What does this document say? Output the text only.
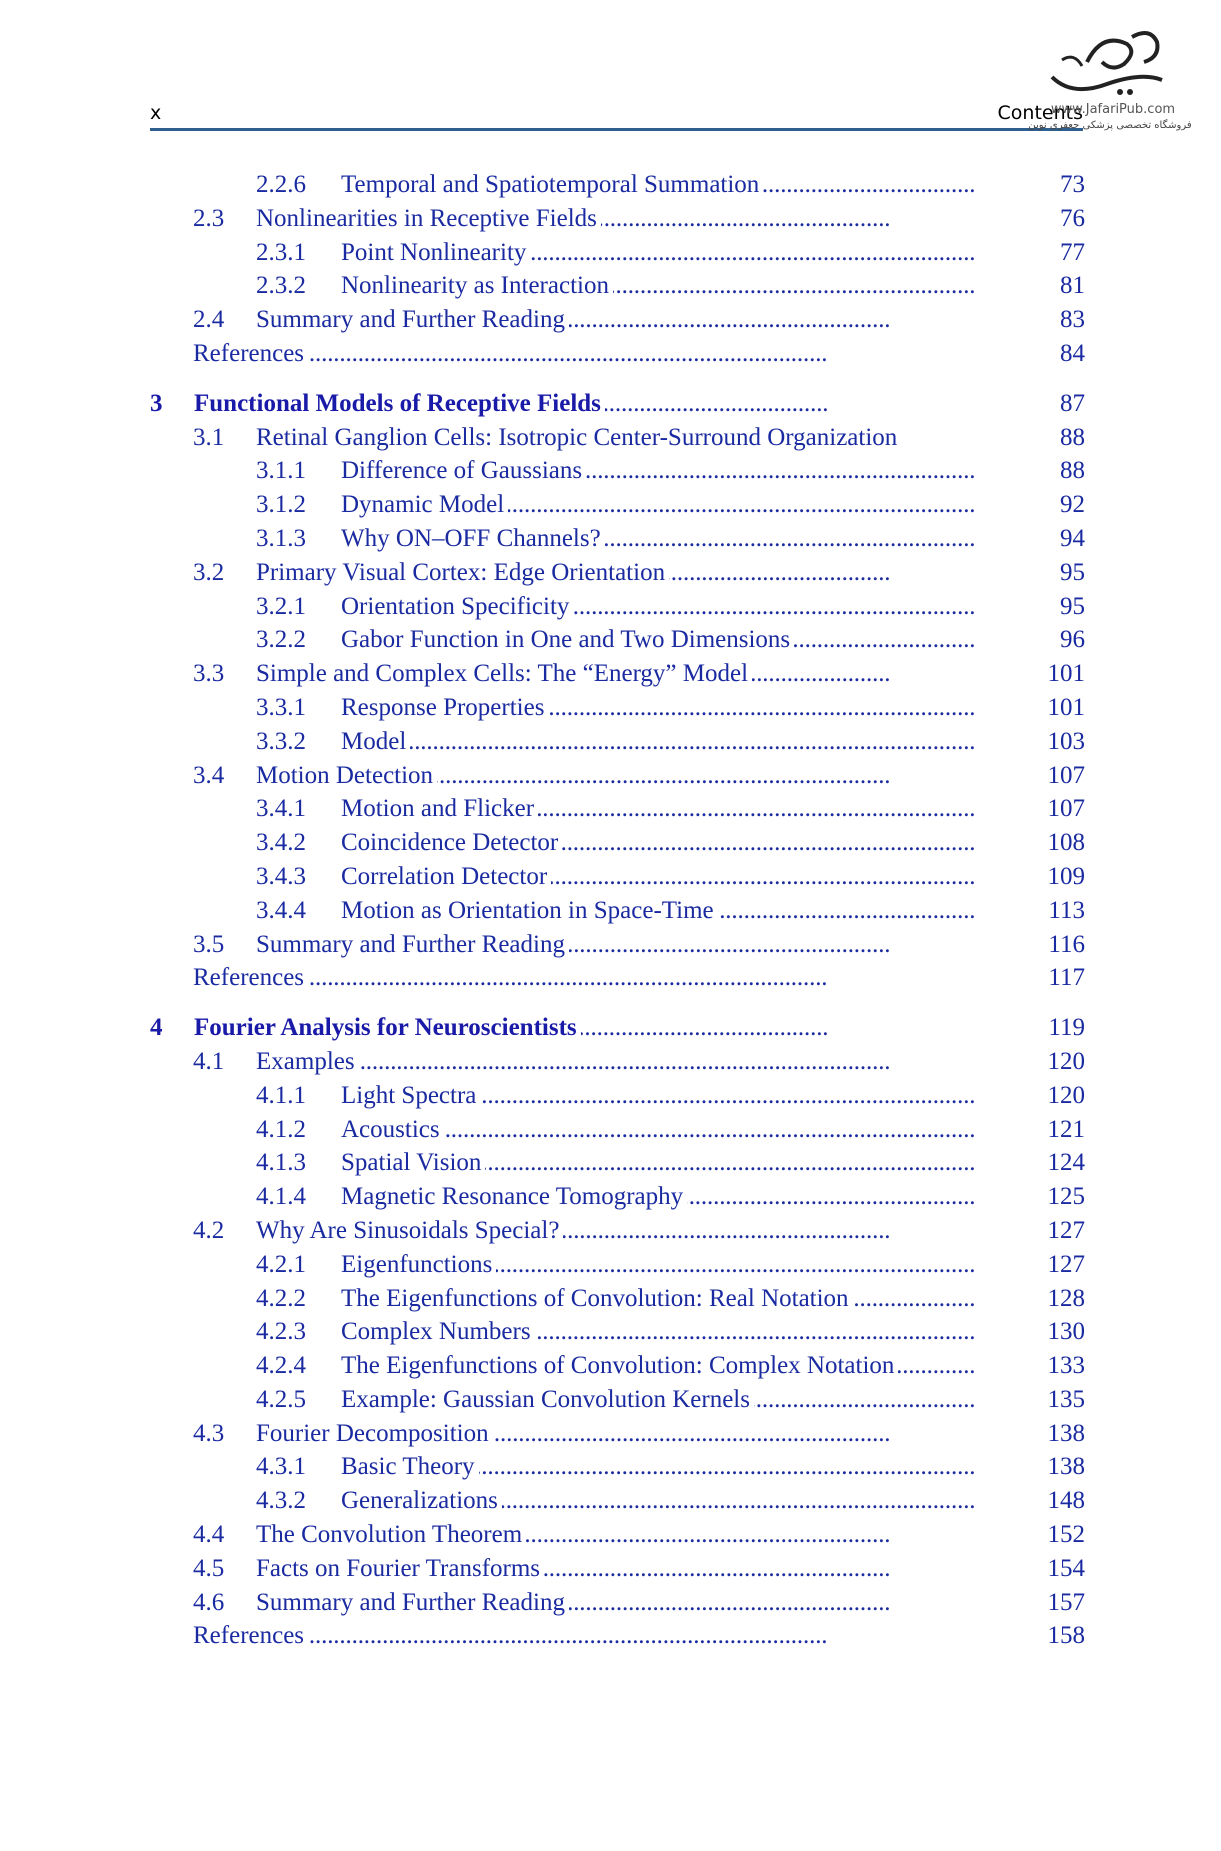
x	Contents
www.JafariPub.com
فروشگاه تخصصی پزشکی جعفری نوین
2.2.6 Temporal and Spatiotemporal Summation . . .	73
2.3 Nonlinearities in Receptive Fields . . .	76
2.3.1 Point Nonlinearity . . .	77
2.3.2 Nonlinearity as Interaction . . .	81
2.4 Summary and Further Reading . . .	83
References . . .	84
3 Functional Models of Receptive Fields . . .	87
3.1 Retinal Ganglion Cells: Isotropic Center-Surround Organization . . .	88
3.1.1 Difference of Gaussians . . .	88
3.1.2 Dynamic Model . . .	92
3.1.3 Why ON–OFF Channels? . . .	94
3.2 Primary Visual Cortex: Edge Orientation . . .	95
3.2.1 Orientation Specificity . . .	95
3.2.2 Gabor Function in One and Two Dimensions . . .	96
3.3 Simple and Complex Cells: The “Energy” Model . . .	101
3.3.1 Response Properties . . .	101
3.3.2 Model . . .	103
3.4 Motion Detection . . .	107
3.4.1 Motion and Flicker . . .	107
3.4.2 Coincidence Detector . . .	108
3.4.3 Correlation Detector . . .	109
3.4.4 Motion as Orientation in Space-Time . . .	113
3.5 Summary and Further Reading . . .	116
References . . .	117
4 Fourier Analysis for Neuroscientists . . .	119
4.1 Examples . . .	120
4.1.1 Light Spectra . . .	120
4.1.2 Acoustics . . .	121
4.1.3 Spatial Vision . . .	124
4.1.4 Magnetic Resonance Tomography . . .	125
4.2 Why Are Sinusoidals Special? . . .	127
4.2.1 Eigenfunctions . . .	127
4.2.2 The Eigenfunctions of Convolution: Real Notation . . .	128
4.2.3 Complex Numbers . . .	130
4.2.4 The Eigenfunctions of Convolution: Complex Notation . . .	133
4.2.5 Example: Gaussian Convolution Kernels . . .	135
4.3 Fourier Decomposition . . .	138
4.3.1 Basic Theory . . .	138
4.3.2 Generalizations . . .	148
4.4 The Convolution Theorem . . .	152
4.5 Facts on Fourier Transforms . . .	154
4.6 Summary and Further Reading . . .	157
References . . .	158
